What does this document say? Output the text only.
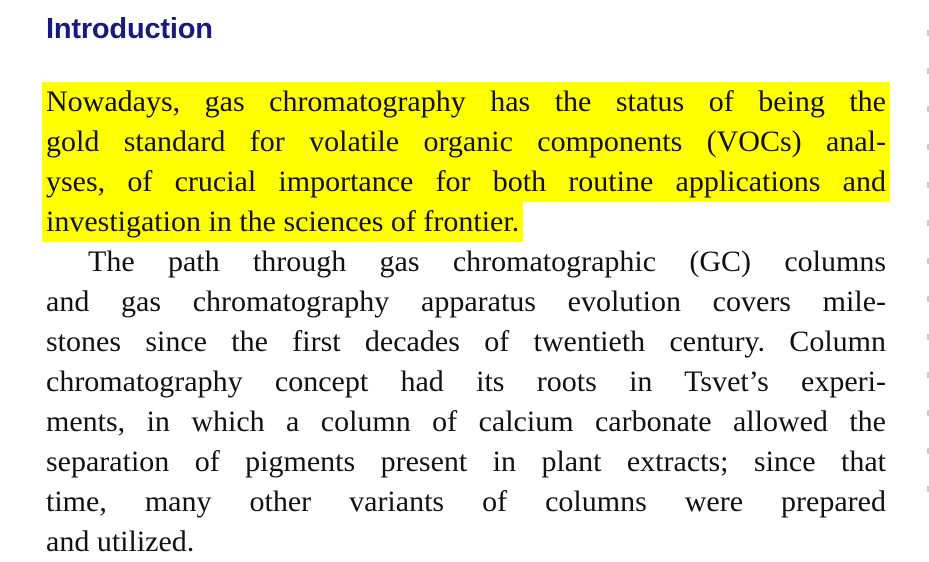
Introduction
Nowadays, gas chromatography has the status of being the
gold standard for volatile organic components (VOCs) anal-
yses, of crucial importance for both routine applications and
investigation in the sciences of frontier.
The path through gas chromatographic (GC) columns
and gas chromatography apparatus evolution covers mile-
stones since the first decades of twentieth century. Column
chromatography concept had its roots in Tsvet’s experi-
ments, in which a column of calcium carbonate allowed the
separation of pigments present in plant extracts; since that
time, many other variants of columns were prepared
and utilized.
